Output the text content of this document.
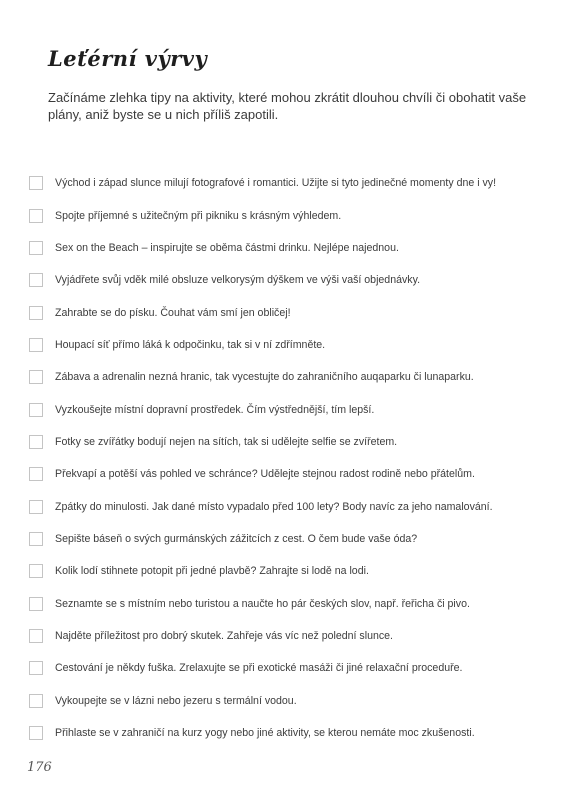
Leťérní výrvy
Začínáme zlehka tipy na aktivity, které mohou zkrátit dlouhou chvíli či obohatit vaše plány, aniž byste se u nich příliš zapotili.
Východ i západ slunce milují fotografové i romantici. Užijte si tyto jedinečné momenty dne i vy!
Spojte příjemné s užitečným při pikniku s krásným výhledem.
Sex on the Beach – inspirujte se oběma částmi drinku. Nejlépe najednou.
Vyjádřete svůj vděk milé obsluze velkorysým dýškem ve výši vaší objednávky.
Zahrabte se do písku. Čouhat vám smí jen obličej!
Houpací síť přímo láká k odpočinku, tak si v ní zdřímněte.
Zábava a adrenalin nezná hranic, tak vycestujte do zahraničního auqaparku či lunaparku.
Vyzkoušejte místní dopravní prostředek. Čím výstřednější, tím lepší.
Fotky se zvířátky bodují nejen na sítích, tak si udělejte selfie se zvířetem.
Překvapí a potěší vás pohled ve schránce? Udělejte stejnou radost rodině nebo přátelům.
Zpátky do minulosti. Jak dané místo vypadalo před 100 lety? Body navíc za jeho namalování.
Sepište báseň o svých gurmánských zážitcích z cest. O čem bude vaše óda?
Kolik lodí stihnete potopit při jedné plavbě? Zahrajte si lodě na lodi.
Seznamte se s místním nebo turistou a naučte ho pár českých slov, např. řeřicha či pivo.
Najděte příležitost pro dobrý skutek. Zahřeje vás víc než polední slunce.
Cestování je někdy fuška. Zrelaxujte se při exotické masáži či jiné relaxační proceduře.
Vykoupejte se v lázni nebo jezeru s termální vodou.
Přihlaste se v zahraničí na kurz yogy nebo jiné aktivity, se kterou nemáte moc zkušenosti.
176
